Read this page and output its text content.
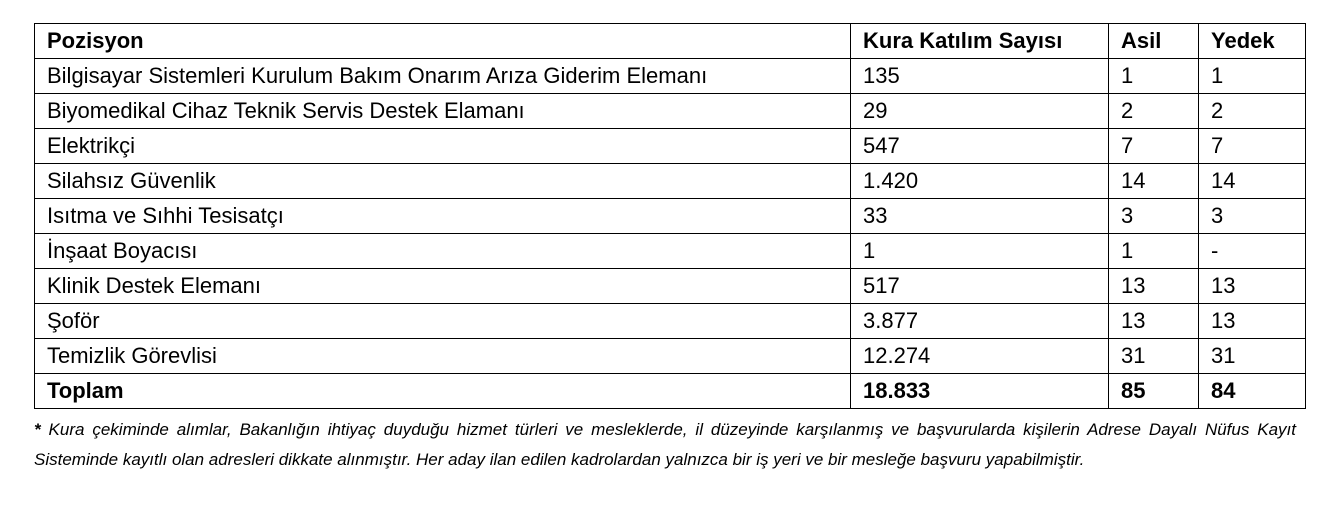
Pozisyon	Kura Katılım Sayısı	Asil	Yedek
Bilgisayar Sistemleri Kurulum Bakım Onarım Arıza Giderim Elemanı	135	1	1
Biyomedikal Cihaz Teknik Servis Destek Elamanı	29	2	2
Elektrikçi	547	7	7
Silahsız Güvenlik	1.420	14	14
Isıtma ve Sıhhi Tesisatçı	33	3	3
İnşaat Boyacısı	1	1	-
Klinik Destek Elemanı	517	13	13
Şoför	3.877	13	13
Temizlik Görevlisi	12.274	31	31
Toplam	18.833	85	84

* Kura çekiminde alımlar, Bakanlığın ihtiyaç duyduğu hizmet türleri ve mesleklerde, il düzeyinde karşılanmış ve başvurularda kişilerin Adrese Dayalı Nüfus Kayıt Sisteminde kayıtlı olan adresleri dikkate alınmıştır. Her aday ilan edilen kadrolardan yalnızca bir iş yeri ve bir mesleğe başvuru yapabilmiştir.
